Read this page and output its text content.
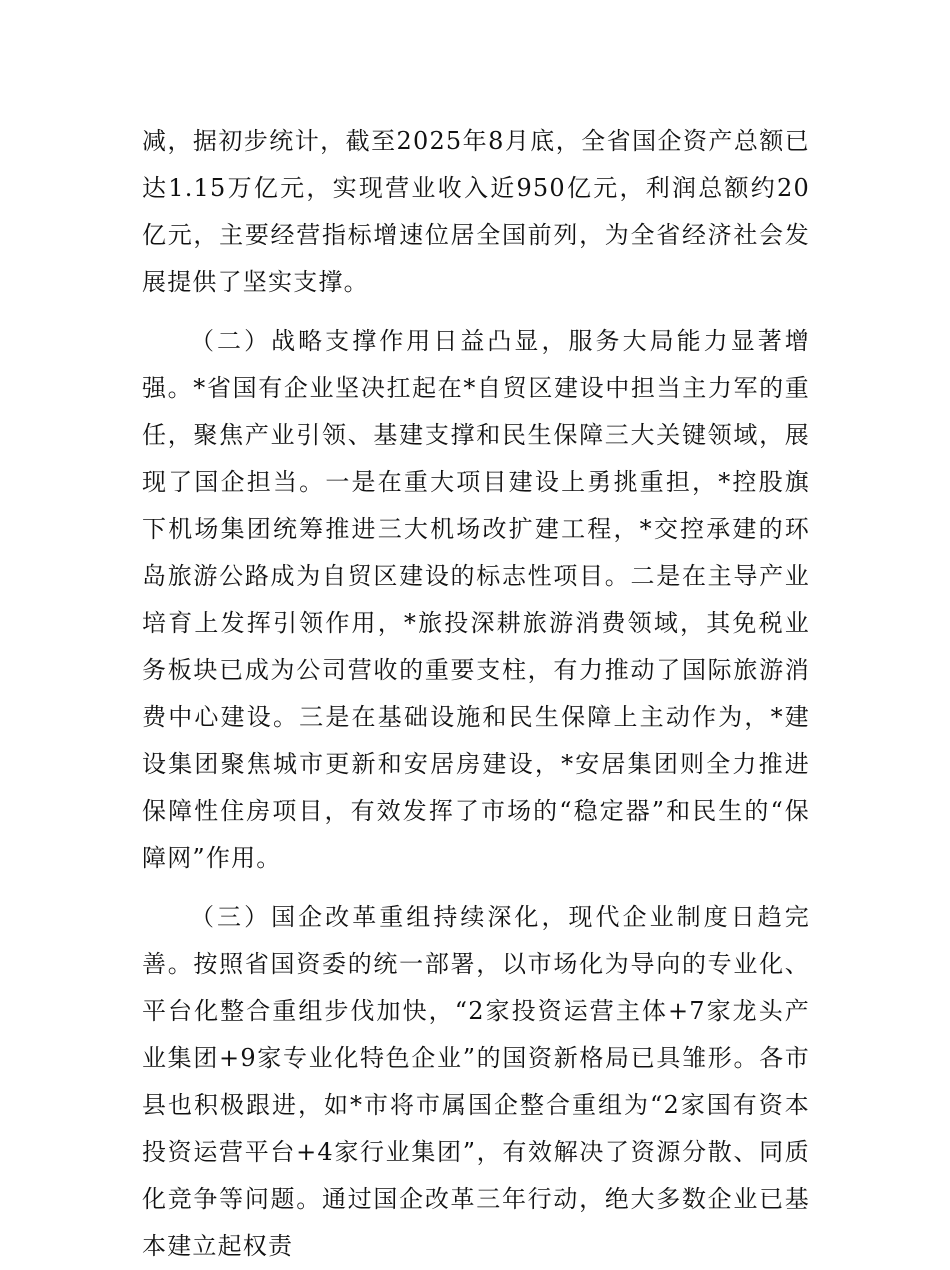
减，据初步统计，截至2025年8月底，全省国企资产总额已达1.15万亿元，实现营业收入近950亿元，利润总额约20亿元，主要经营指标增速位居全国前列，为全省经济社会发展提供了坚实支撑。

（二）战略支撑作用日益凸显，服务大局能力显著增强。*省国有企业坚决扛起在*自贸区建设中担当主力军的重任，聚焦产业引领、基建支撑和民生保障三大关键领域，展现了国企担当。一是在重大项目建设上勇挑重担，*控股旗下机场集团统筹推进三大机场改扩建工程，*交控承建的环岛旅游公路成为自贸区建设的标志性项目。二是在主导产业培育上发挥引领作用，*旅投深耕旅游消费领域，其免税业务板块已成为公司营收的重要支柱，有力推动了国际旅游消费中心建设。三是在基础设施和民生保障上主动作为，*建设集团聚焦城市更新和安居房建设，*安居集团则全力推进保障性住房项目，有效发挥了市场的“稳定器”和民生的“保障网”作用。

（三）国企改革重组持续深化，现代企业制度日趋完善。按照省国资委的统一部署，以市场化为导向的专业化、平台化整合重组步伐加快，“2家投资运营主体+7家龙头产业集团+9家专业化特色企业”的国资新格局已具雏形。各市县也积极跟进，如*市将市属国企整合重组为“2家国有资本投资运营平台+4家行业集团”，有效解决了资源分散、同质化竞争等问题。通过国企改革三年行动，绝大多数企业已基本建立起权责
